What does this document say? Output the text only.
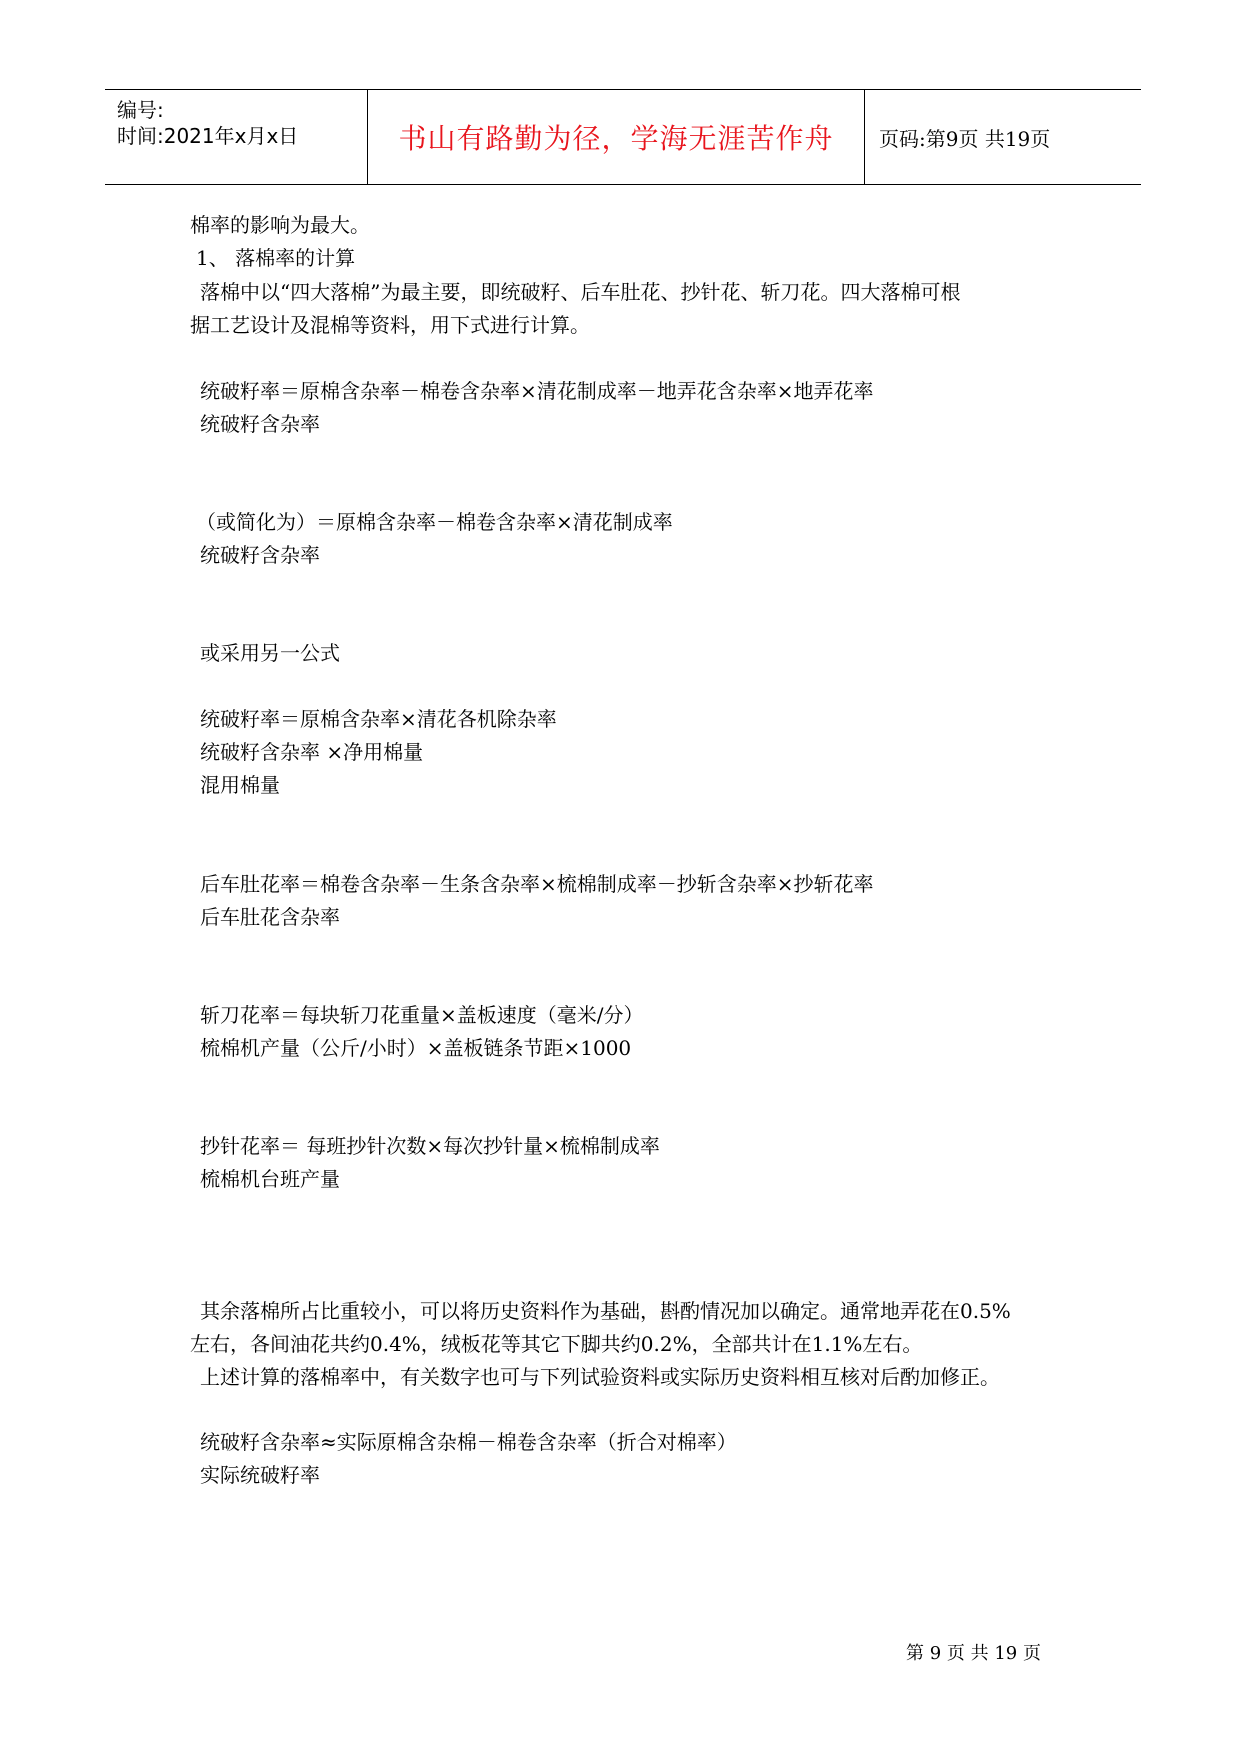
编号:
时间:2021年x月x日	书山有路勤为径，学海无涯苦作舟	页码:第9页 共19页
棉率的影响为最大。
1、 落棉率的计算
落棉中以“四大落棉”为最主要，即统破籽、后车肚花、抄针花、斩刀花。四大落棉可根
据工艺设计及混棉等资料，用下式进行计算。
统破籽率＝原棉含杂率－棉卷含杂率×清花制成率－地弄花含杂率×地弄花率
统破籽含杂率
（或简化为）＝原棉含杂率－棉卷含杂率×清花制成率
统破籽含杂率
或采用另一公式
统破籽率＝原棉含杂率×清花各机除杂率
统破籽含杂率 ×净用棉量
混用棉量
后车肚花率＝棉卷含杂率－生条含杂率×梳棉制成率－抄斩含杂率×抄斩花率
后车肚花含杂率
斩刀花率＝每块斩刀花重量×盖板速度（毫米/分）
梳棉机产量（公斤/小时）×盖板链条节距×1000
抄针花率＝ 每班抄针次数×每次抄针量×梳棉制成率
梳棉机台班产量
其余落棉所占比重较小，可以将历史资料作为基础，斟酌情况加以确定。通常地弄花在0.5%
左右，各间油花共约0.4%，绒板花等其它下脚共约0.2%，全部共计在1.1%左右。
上述计算的落棉率中，有关数字也可与下列试验资料或实际历史资料相互核对后酌加修正。
统破籽含杂率≈实际原棉含杂棉－棉卷含杂率（折合对棉率）
实际统破籽率
第 9 页 共 19 页
